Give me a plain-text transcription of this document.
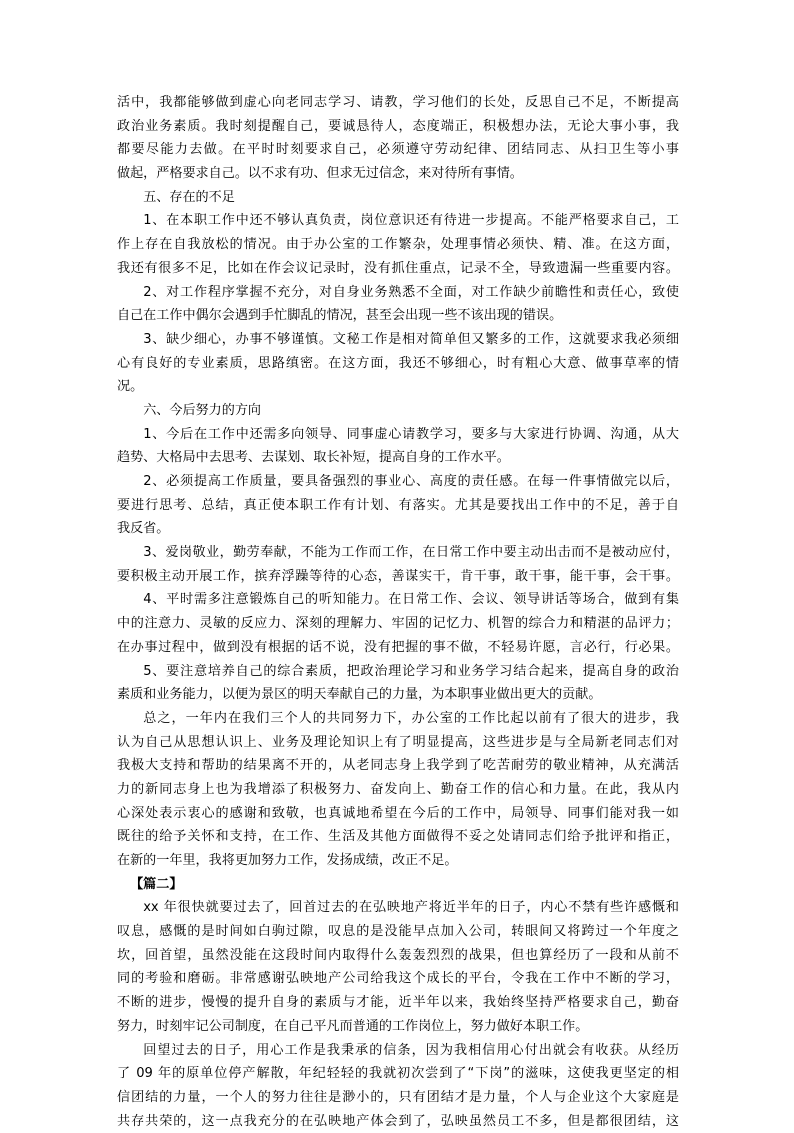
活中，我都能够做到虚心向老同志学习、请教，学习他们的长处，反思自己不足，不断提高
政治业务素质。我时刻提醒自己，要诚恳待人，态度端正，积极想办法，无论大事小事，我
都要尽能力去做。在平时时刻要求自己，必须遵守劳动纪律、团结同志、从扫卫生等小事
做起，严格要求自己。以不求有功、但求无过信念，来对待所有事情。
五、存在的不足
1、在本职工作中还不够认真负责，岗位意识还有待进一步提高。不能严格要求自己，工
作上存在自我放松的情况。由于办公室的工作繁杂，处理事情必须快、精、准。在这方面，
我还有很多不足，比如在作会议记录时，没有抓住重点，记录不全，导致遗漏一些重要内容。
2、对工作程序掌握不充分，对自身业务熟悉不全面，对工作缺少前瞻性和责任心，致使
自己在工作中偶尔会遇到手忙脚乱的情况，甚至会出现一些不该出现的错误。
3、缺少细心，办事不够谨慎。文秘工作是相对简单但又繁多的工作，这就要求我必须细
心有良好的专业素质，思路缜密。在这方面，我还不够细心，时有粗心大意、做事草率的情
况。
六、今后努力的方向
1、今后在工作中还需多向领导、同事虚心请教学习，要多与大家进行协调、沟通，从大
趋势、大格局中去思考、去谋划、取长补短，提高自身的工作水平。
2、必须提高工作质量，要具备强烈的事业心、高度的责任感。在每一件事情做完以后，
要进行思考、总结，真正使本职工作有计划、有落实。尤其是要找出工作中的不足，善于自
我反省。
3、爱岗敬业，勤劳奉献，不能为工作而工作，在日常工作中要主动出击而不是被动应付，
要积极主动开展工作，摈弃浮躁等待的心态，善谋实干，肯干事，敢干事，能干事，会干事。
4、平时需多注意锻炼自己的听知能力。在日常工作、会议、领导讲话等场合，做到有集
中的注意力、灵敏的反应力、深刻的理解力、牢固的记忆力、机智的综合力和精湛的品评力；
在办事过程中，做到没有根据的话不说，没有把握的事不做，不轻易许愿，言必行，行必果。
5、要注意培养自己的综合素质，把政治理论学习和业务学习结合起来，提高自身的政治
素质和业务能力，以便为景区的明天奉献自己的力量，为本职事业做出更大的贡献。
总之，一年内在我们三个人的共同努力下，办公室的工作比起以前有了很大的进步，我
认为自己从思想认识上、业务及理论知识上有了明显提高，这些进步是与全局新老同志们对
我极大支持和帮助的结果离不开的，从老同志身上我学到了吃苦耐劳的敬业精神，从充满活
力的新同志身上也为我增添了积极努力、奋发向上、勤奋工作的信心和力量。在此，我从内
心深处表示衷心的感谢和致敬，也真诚地希望在今后的工作中，局领导、同事们能对我一如
既往的给予关怀和支持，在工作、生活及其他方面做得不妥之处请同志们给予批评和指正，
在新的一年里，我将更加努力工作，发扬成绩，改正不足。
【篇二】
xx 年很快就要过去了，回首过去的在弘映地产将近半年的日子，内心不禁有些许感慨和
叹息，感慨的是时间如白驹过隙，叹息的是没能早点加入公司，转眼间又将跨过一个年度之
坎，回首望，虽然没能在这段时间内取得什么轰轰烈烈的战果，但也算经历了一段和从前不
同的考验和磨砺。非常感谢弘映地产公司给我这个成长的平台，令我在工作中不断的学习，
不断的进步，慢慢的提升自身的素质与才能，近半年以来，我始终坚持严格要求自己，勤奋
努力，时刻牢记公司制度，在自己平凡而普通的工作岗位上，努力做好本职工作。
回望过去的日子，用心工作是我秉承的信条，因为我相信用心付出就会有收获。从经历
了 09 年的原单位停产解散，年纪轻轻的我就初次尝到了“下岗”的滋味，这使我更坚定的相
信团结的力量，一个人的努力往往是渺小的，只有团结才是力量，个人与企业这个大家庭是
共存共荣的，这一点我充分的在弘映地产体会到了，弘映虽然员工不多，但是都很团结，这
